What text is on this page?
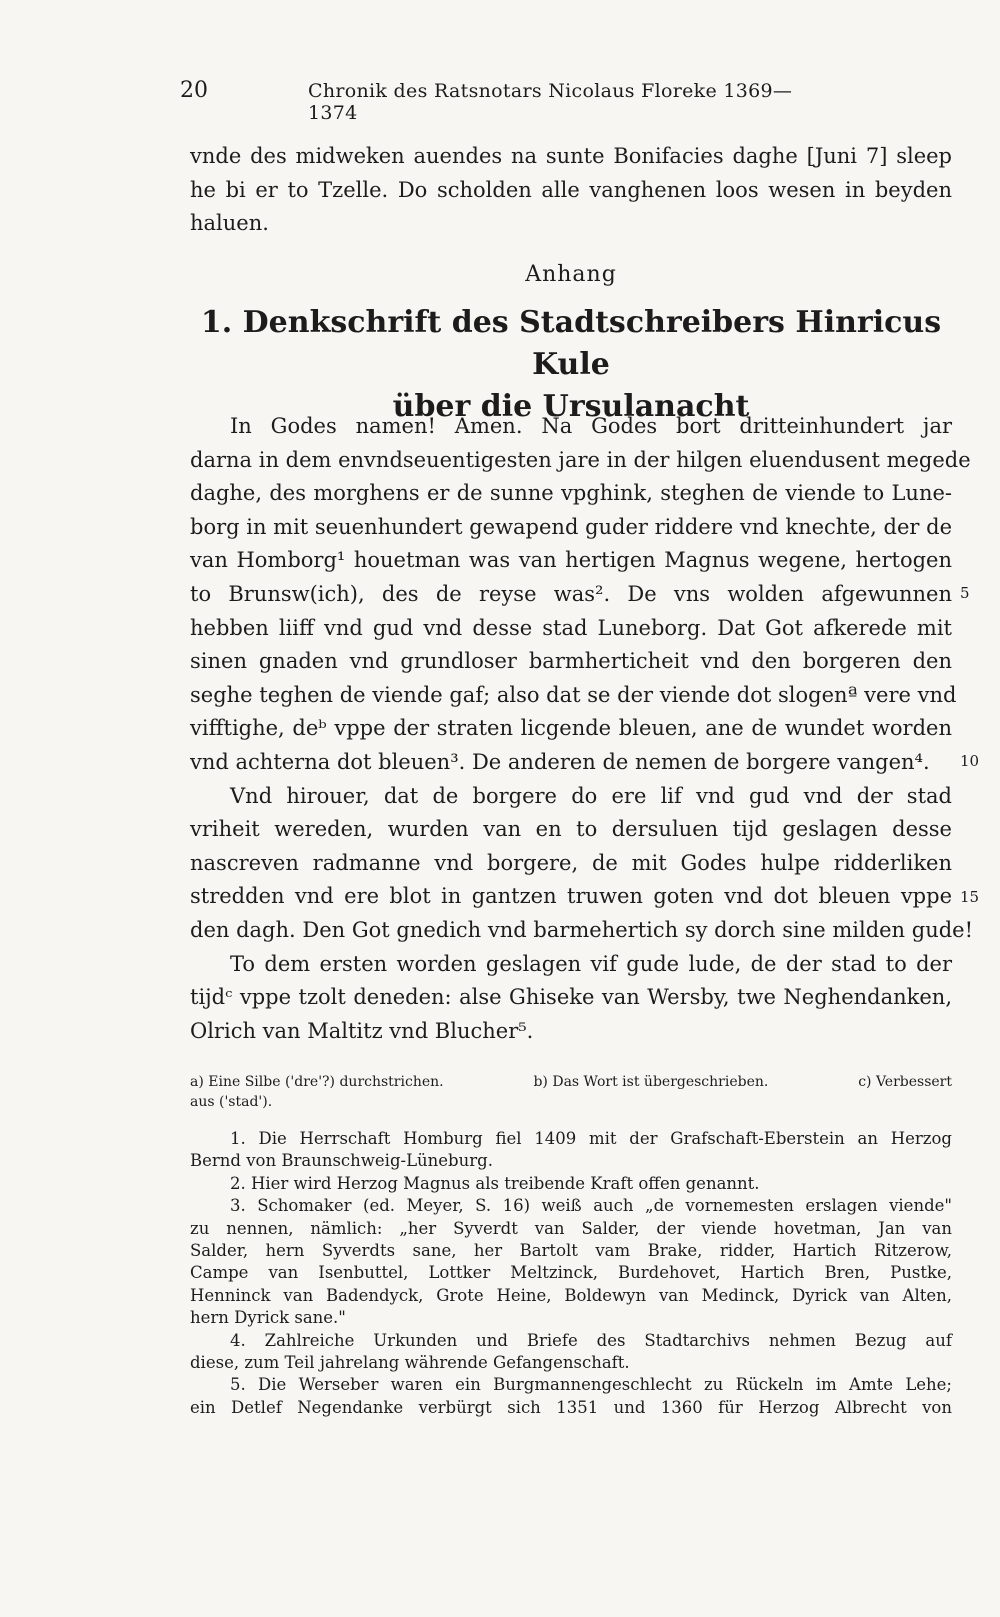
20	Chronik des Ratsnotars Nicolaus Floreke 1369—1374
vnde des midweken auendes na sunte Bonifacies daghe [Juni 7] sleep
he bi er to Tzelle. Do scholden alle vanghenen loos wesen in beyden
haluen.
Anhang
1. Denkschrift des Stadtschreibers Hinricus Kule
über die Ursulanacht
In Godes namen! Amen. Na Godes bort dritteinhundert jar
darna in dem envndseuentigesten jare in der hilgen eluendusent megede
daghe, des morghens er de sunne vpghink, steghen de viende to Lune-
borg in mit seuenhundert gewapend guder riddere vnd knechte, der de
van Homborg¹ houetman was van hertigen Magnus wegene, hertogen
to Brunsw(ich), des de reyse was². De vns wolden afgewunnen
hebben liiff vnd gud vnd desse stad Luneborg. Dat Got afkerede mit
sinen gnaden vnd grundloser barmherticheit vnd den borgeren den
seghe teghen de viende gaf; also dat se der viende dot slogenª vere vnd
vifftighe, deᵇ vppe der straten licgende bleuen, ane de wundet worden
vnd achterna dot bleuen³. De anderen de nemen de borgere vangen⁴.
Vnd hirouer, dat de borgere do ere lif vnd gud vnd der stad
vriheit wereden, wurden van en to dersuluen tijd geslagen desse
nascreven radmanne vnd borgere, de mit Godes hulpe ridderliken
stredden vnd ere blot in gantzen truwen goten vnd dot bleuen vppe
den dagh. Den Got gnedich vnd barmehertich sy dorch sine milden gude!
To dem ersten worden geslagen vif gude lude, de der stad to der
tijdᶜ vppe tzolt deneden: alse Ghiseke van Wersby, twe Neghendanken,
Olrich van Maltitz vnd Blucher⁵.
5
10
15
a) Eine Silbe ('dre'?) durchstrichen.	b) Das Wort ist übergeschrieben.	c) Verbessert
aus ('stad').
1. Die Herrschaft Homburg fiel 1409 mit der Grafschaft-Eberstein an Herzog
Bernd von Braunschweig-Lüneburg.
2. Hier wird Herzog Magnus als treibende Kraft offen genannt.
3. Schomaker (ed. Meyer, S. 16) weiß auch „de vornemesten erslagen viende"
zu nennen, nämlich: „her Syverdt van Salder, der viende hovetman, Jan van
Salder, hern Syverdts sane, her Bartolt vam Brake, ridder, Hartich Ritzerow,
Campe van Isenbuttel, Lottker Meltzinck, Burdehovet, Hartich Bren, Pustke,
Henninck van Badendyck, Grote Heine, Boldewyn van Medinck, Dyrick van Alten,
hern Dyrick sane."
4. Zahlreiche Urkunden und Briefe des Stadtarchivs nehmen Bezug auf
diese, zum Teil jahrelang währende Gefangenschaft.
5. Die Werseber waren ein Burgmannengeschlecht zu Rückeln im Amte Lehe;
ein Detlef Negendanke verbürgt sich 1351 und 1360 für Herzog Albrecht von
